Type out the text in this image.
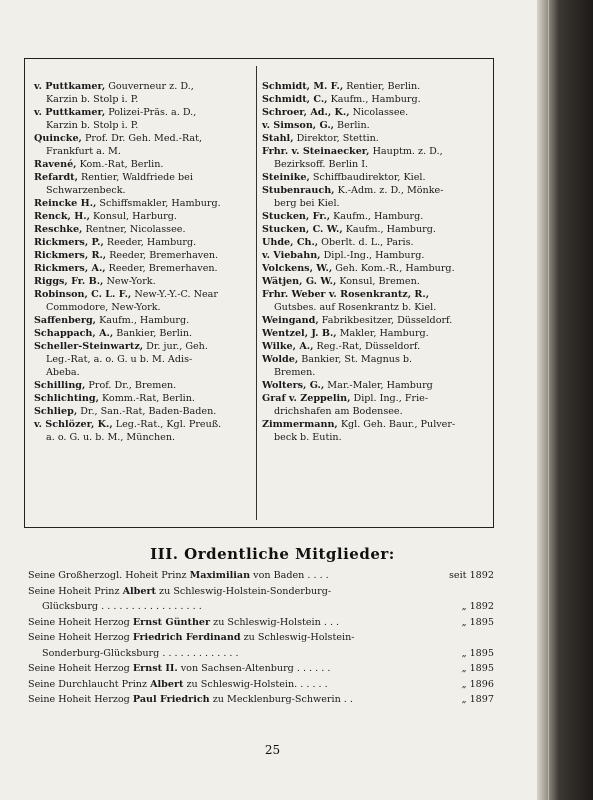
v. Puttkamer, Gouverneur z. D.,
Karzin b. Stolp i. P.
v. Puttkamer, Polizei-Präs. a. D.,
Karzin b. Stolp i. P.
Quincke, Prof. Dr. Geh. Med.-Rat,
Frankfurt a. M.
Ravené, Kom.-Rat, Berlin.
Refardt, Rentier, Waldfriede bei
Schwarzenbeck.
Reincke H., Schiffsmakler, Hamburg.
Renck, H., Konsul, Harburg.
Reschke, Rentner, Nicolassee.
Rickmers, P., Reeder, Hamburg.
Rickmers, R., Reeder, Bremerhaven.
Rickmers, A., Reeder, Bremerhaven.
Riggs, Fr. B., New-York.
Robinson, C. L. F., New-Y.-Y.-C. Near
Commodore, New-York.
Saffenberg, Kaufm., Hamburg.
Schappach, A., Bankier, Berlin.
Scheller-Steinwartz, Dr. jur., Geh.
Leg.-Rat, a. o. G. u b. M. Adis-
Abeba.
Schilling, Prof. Dr., Bremen.
Schlichting, Komm.-Rat, Berlin.
Schliep, Dr., San.-Rat, Baden-Baden.
v. Schlözer, K., Leg.-Rat., Kgl. Preuß.
a. o. G. u. b. M., München.
Schmidt, M. F., Rentier, Berlin.
Schmidt, C., Kaufm., Hamburg.
Schroer, Ad., K., Nicolassee.
v. Simson, G., Berlin.
Stahl, Direktor, Stettin.
Frhr. v. Steinaecker, Hauptm. z. D.,
Bezirksoff. Berlin I.
Steinike, Schiffbaudirektor, Kiel.
Stubenrauch, K.-Adm. z. D., Mönke-
berg bei Kiel.
Stucken, Fr., Kaufm., Hamburg.
Stucken, C. W., Kaufm., Hamburg.
Uhde, Ch., Oberlt. d. L., Paris.
v. Viebahn, Dipl.-Ing., Hamburg.
Volckens, W., Geh. Kom.-R., Hamburg.
Wätjen, G. W., Konsul, Bremen.
Frhr. Weber v. Rosenkrantz, R.,
Gutsbes. auf Rosenkrantz b. Kiel.
Weingand, Fabrikbesitzer, Düsseldorf.
Wentzel, J. B., Makler, Hamburg.
Wilke, A., Reg.-Rat, Düsseldorf.
Wolde, Bankier, St. Magnus b.
Bremen.
Wolters, G., Mar.-Maler, Hamburg
Graf v. Zeppelin, Dipl. Ing., Frie-
drichshafen am Bodensee.
Zimmermann, Kgl. Geh. Baur., Pulver-
beck b. Eutin.
III. Ordentliche Mitglieder:
Seine Großherzogl. Hoheit Prinz Maximilian von Baden . . . .	seit 1892
Seine Hoheit Prinz Albert zu Schleswig-Holstein-Sonderburg-
Glücksburg . . . . . . . . . . . . . . . . .	„ 1892
Seine Hoheit Herzog Ernst Günther zu Schleswig-Holstein . . .	„ 1895
Seine Hoheit Herzog Friedrich Ferdinand zu Schleswig-Holstein-
Sonderburg-Glücksburg . . . . . . . . . . . . .	„ 1895
Seine Hoheit Herzog Ernst II. von Sachsen-Altenburg . . . . . .	„ 1895
Seine Durchlaucht Prinz Albert zu Schleswig-Holstein. . . . . .	„ 1896
Seine Hoheit Herzog Paul Friedrich zu Mecklenburg-Schwerin . .	„ 1897
25
